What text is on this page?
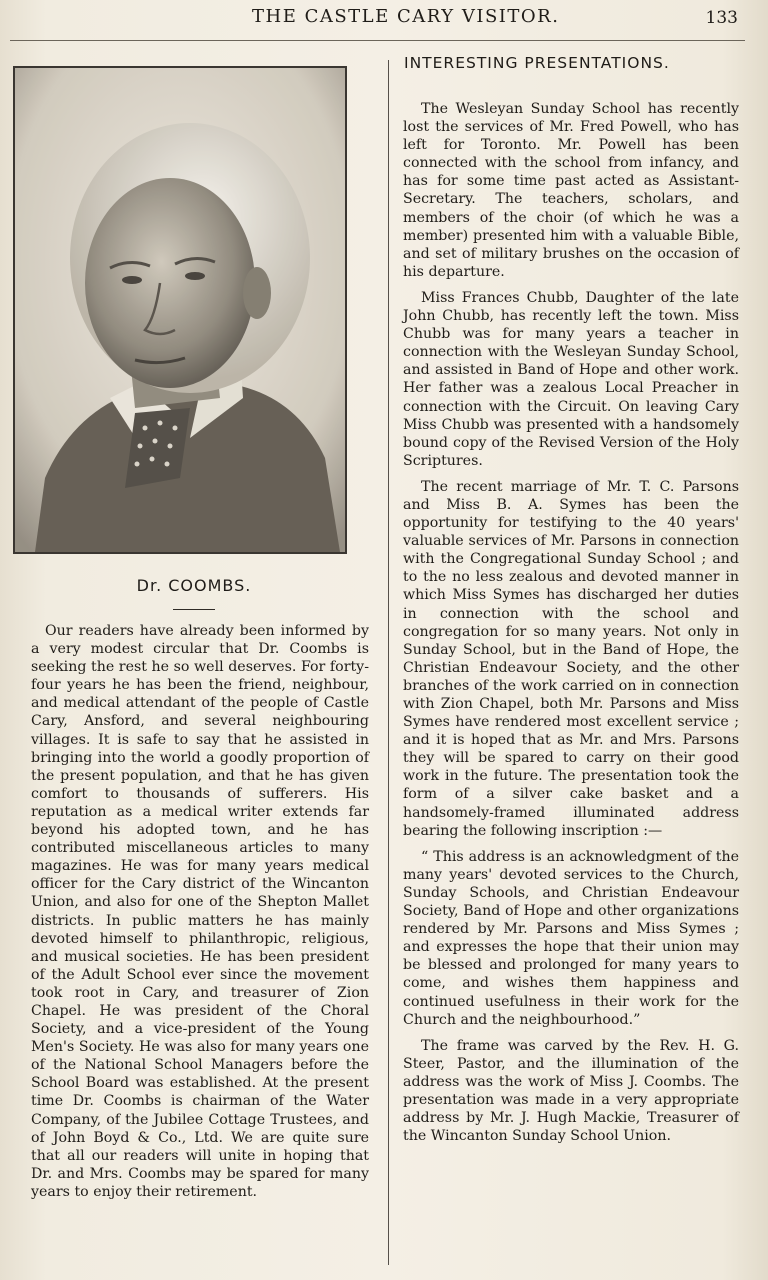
THE CASTLE CARY VISITOR.	133
Dr. COOMBS.

Our readers have already been informed by a very modest circular that Dr. Coombs is seeking the rest he so well deserves. For forty-four years he has been the friend, neighbour, and medical attendant of the people of Castle Cary, Ansford, and several neighbouring villages. It is safe to say that he assisted in bringing into the world a goodly proportion of the present population, and that he has given comfort to thousands of sufferers. His reputation as a medical writer extends far beyond his adopted town, and he has contributed miscellaneous articles to many magazines. He was for many years medical officer for the Cary district of the Wincanton Union, and also for one of the Shepton Mallet districts. In public matters he has mainly devoted himself to philanthropic, religious, and musical societies. He has been president of the Adult School ever since the movement took root in Cary, and treasurer of Zion Chapel. He was president of the Choral Society, and a vice-president of the Young Men's Society. He was also for many years one of the National School Managers before the School Board was established. At the present time Dr. Coombs is chairman of the Water Company, of the Jubilee Cottage Trustees, and of John Boyd & Co., Ltd. We are quite sure that all our readers will unite in hoping that Dr. and Mrs. Coombs may be spared for many years to enjoy their retirement.

INTERESTING PRESENTATIONS.

The Wesleyan Sunday School has recently lost the services of Mr. Fred Powell, who has left for Toronto. Mr. Powell has been connected with the school from infancy, and has for some time past acted as Assistant-Secretary. The teachers, scholars, and members of the choir (of which he was a member) presented him with a valuable Bible, and set of military brushes on the occasion of his departure.

Miss Frances Chubb, Daughter of the late John Chubb, has recently left the town. Miss Chubb was for many years a teacher in connection with the Wesleyan Sunday School, and assisted in Band of Hope and other work. Her father was a zealous Local Preacher in connection with the Circuit. On leaving Cary Miss Chubb was presented with a handsomely bound copy of the Revised Version of the Holy Scriptures.

The recent marriage of Mr. T. C. Parsons and Miss B. A. Symes has been the opportunity for testifying to the 40 years' valuable services of Mr. Parsons in connection with the Congregational Sunday School ; and to the no less zealous and devoted manner in which Miss Symes has discharged her duties in connection with the school and congregation for so many years. Not only in Sunday School, but in the Band of Hope, the Christian Endeavour Society, and the other branches of the work carried on in connection with Zion Chapel, both Mr. Parsons and Miss Symes have rendered most excellent service ; and it is hoped that as Mr. and Mrs. Parsons they will be spared to carry on their good work in the future. The presentation took the form of a silver cake basket and a handsomely-framed illuminated address bearing the following inscription :—

“ This address is an acknowledgment of the many years' devoted services to the Church, Sunday Schools, and Christian Endeavour Society, Band of Hope and other organizations rendered by Mr. Parsons and Miss Symes ; and expresses the hope that their union may be blessed and prolonged for many years to come, and wishes them happiness and continued usefulness in their work for the Church and the neighbourhood.”

The frame was carved by the Rev. H. G. Steer, Pastor, and the illumination of the address was the work of Miss J. Coombs. The presentation was made in a very appropriate address by Mr. J. Hugh Mackie, Treasurer of the Wincanton Sunday School Union.
